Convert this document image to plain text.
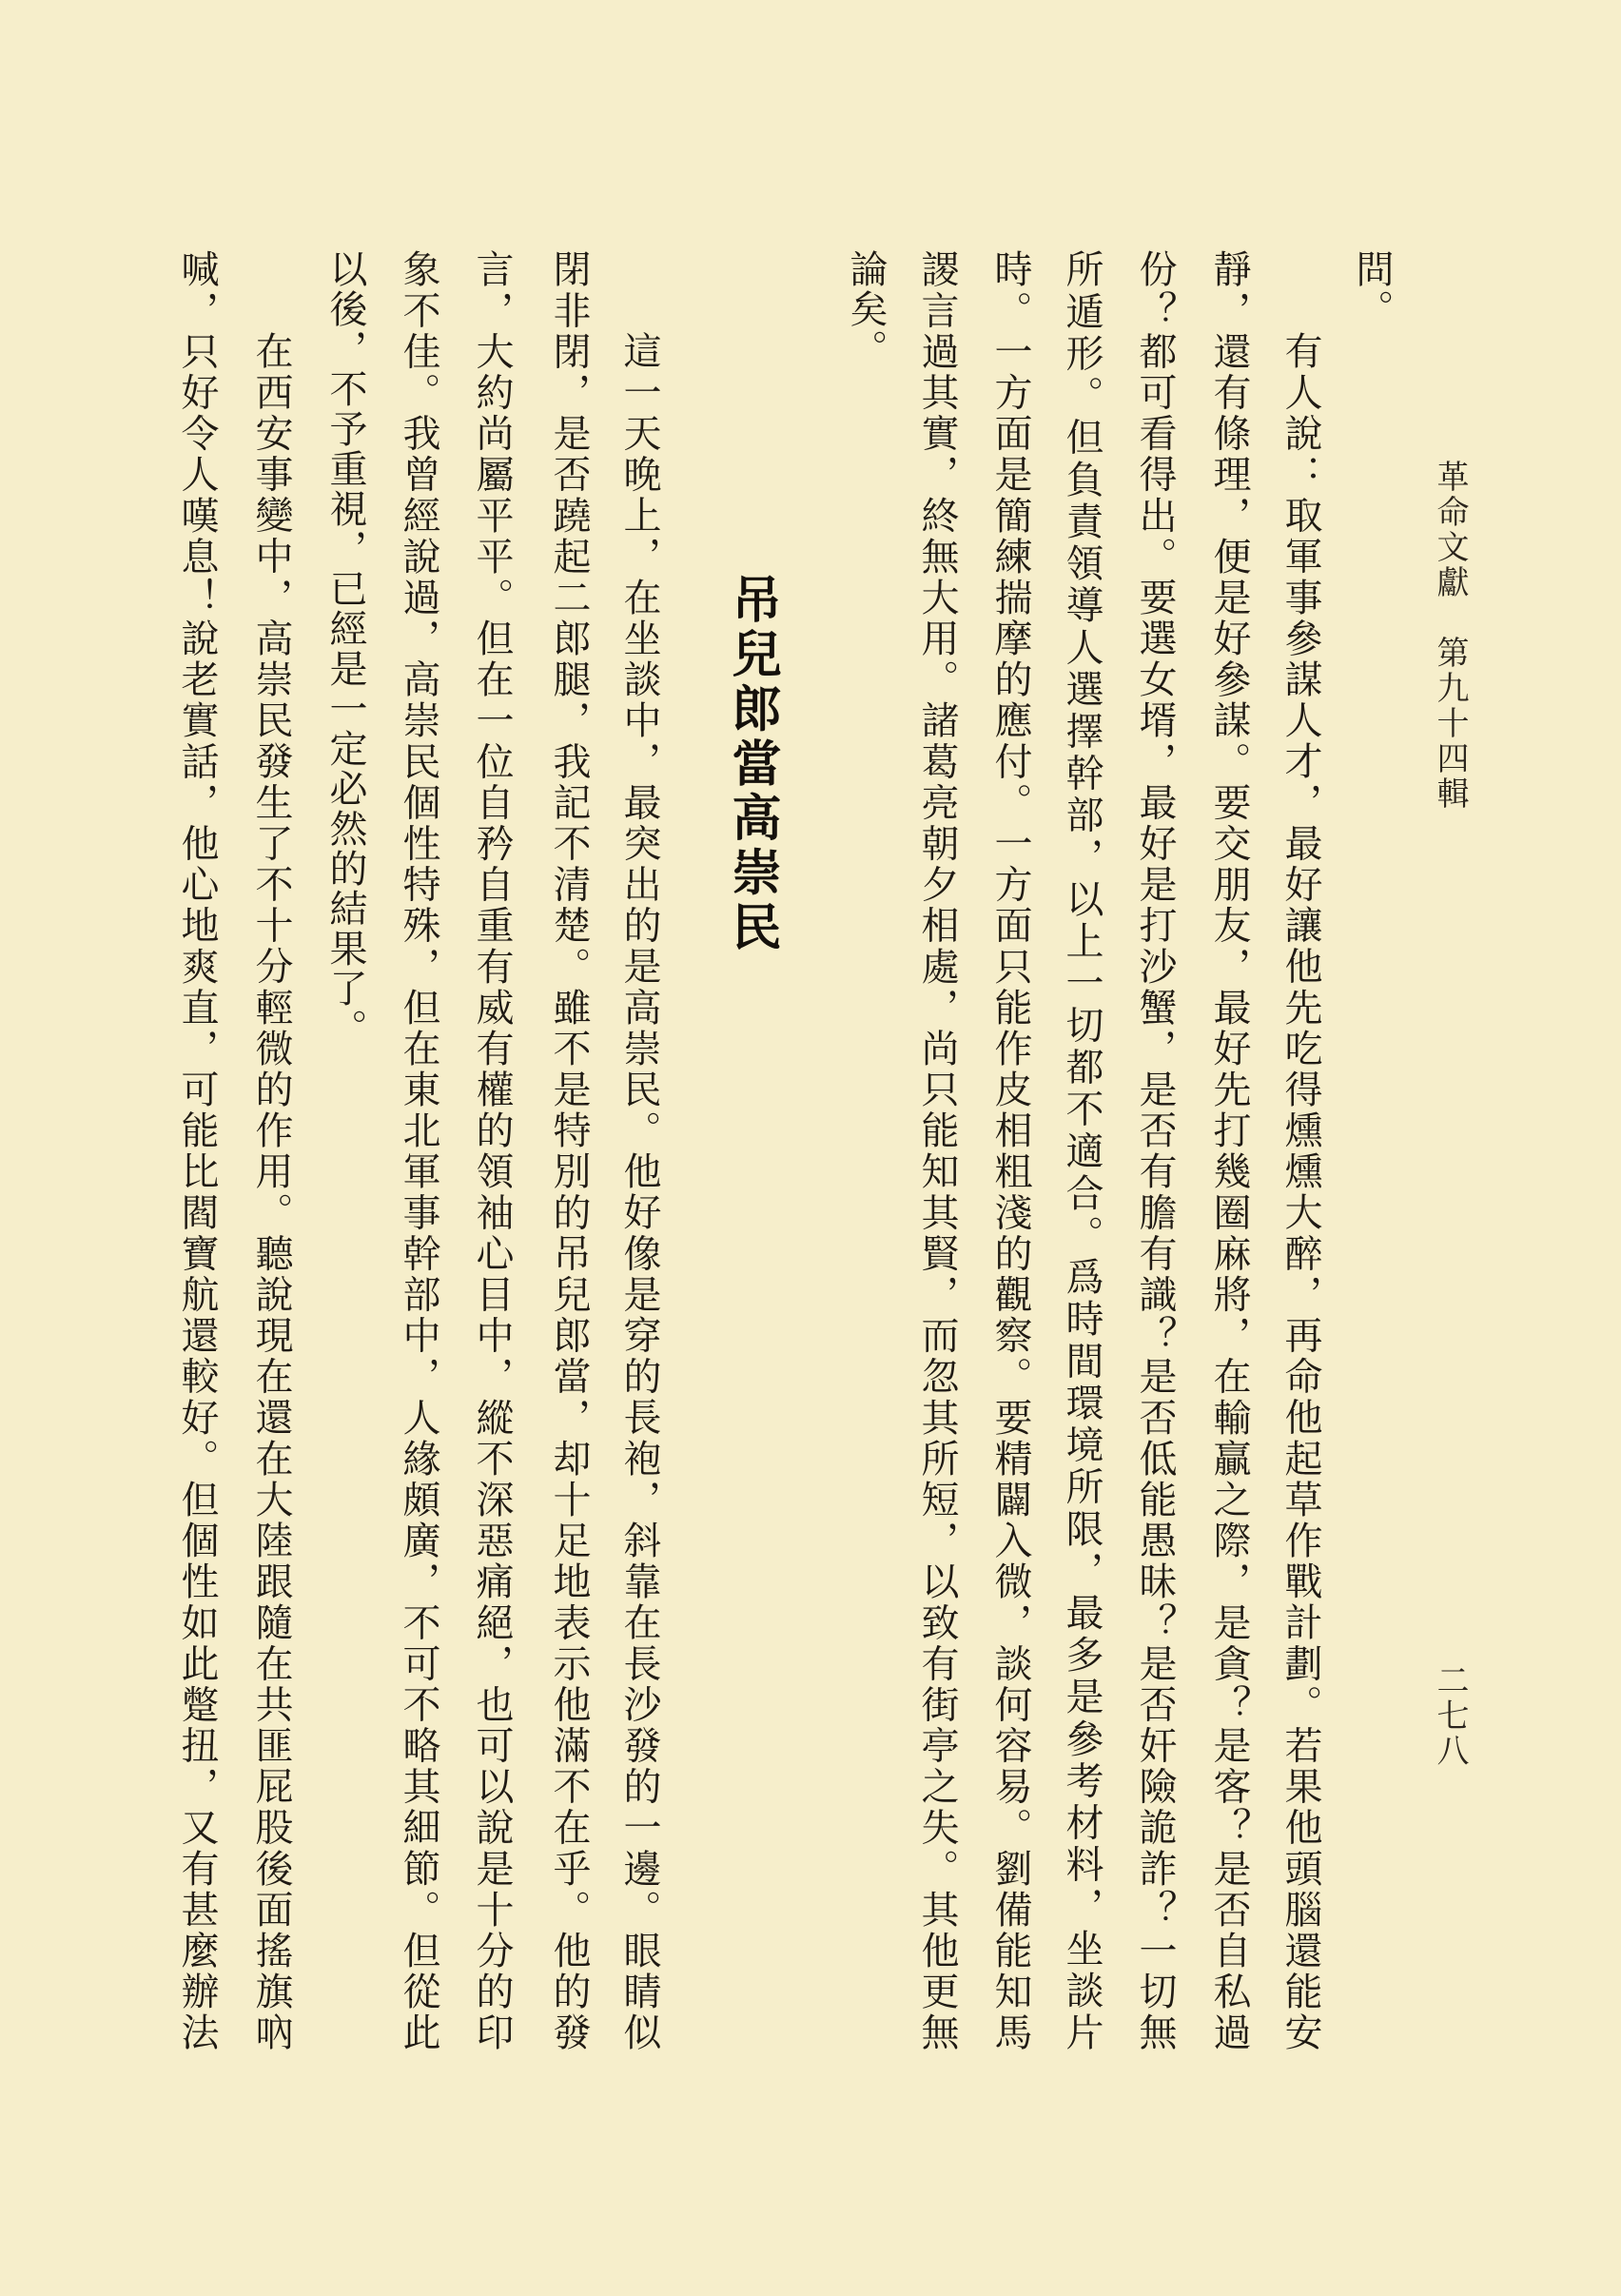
革命文獻　第九十四輯
二七八
問。
有人說：取軍事參謀人才，最好讓他先吃得燻燻大醉，再命他起草作戰計劃。若果他頭腦還能安
靜，還有條理，便是好參謀。要交朋友，最好先打幾圈麻將，在輸贏之際，是貪？是客？是否自私過
份？都可看得出。要選女壻，最好是打沙蟹，是否有膽有識？是否低能愚昧？是否奸險詭詐？一切無
所遁形。但負責領導人選擇幹部，以上一切都不適合。爲時間環境所限，最多是參考材料，坐談片
時。一方面是簡練揣摩的應付。一方面只能作皮相粗淺的觀察。要精闢入微，談何容易。劉備能知馬
謖言過其實，終無大用。諸葛亮朝夕相處，尚只能知其賢，而忽其所短，以致有街亭之失。其他更無
論矣。
吊兒郎當高崇民
這一天晚上，在坐談中，最突出的是高崇民。他好像是穿的長袍，斜靠在長沙發的一邊。眼睛似
閉非閉，是否蹺起二郎腿，我記不清楚。雖不是特別的吊兒郎當，却十足地表示他滿不在乎。他的發
言，大約尚屬平平。但在一位自矜自重有威有權的領袖心目中，縱不深惡痛絕，也可以說是十分的印
象不佳。我曾經說過，高崇民個性特殊，但在東北軍事幹部中，人緣頗廣，不可不略其細節。但從此
以後，不予重視，已經是一定必然的結果了。
在西安事變中，高崇民發生了不十分輕微的作用。聽說現在還在大陸跟隨在共匪屁股後面搖旗吶
喊，只好令人嘆息！說老實話，他心地爽直，可能比閻寶航還較好。但個性如此蹩扭，又有甚麼辦法
